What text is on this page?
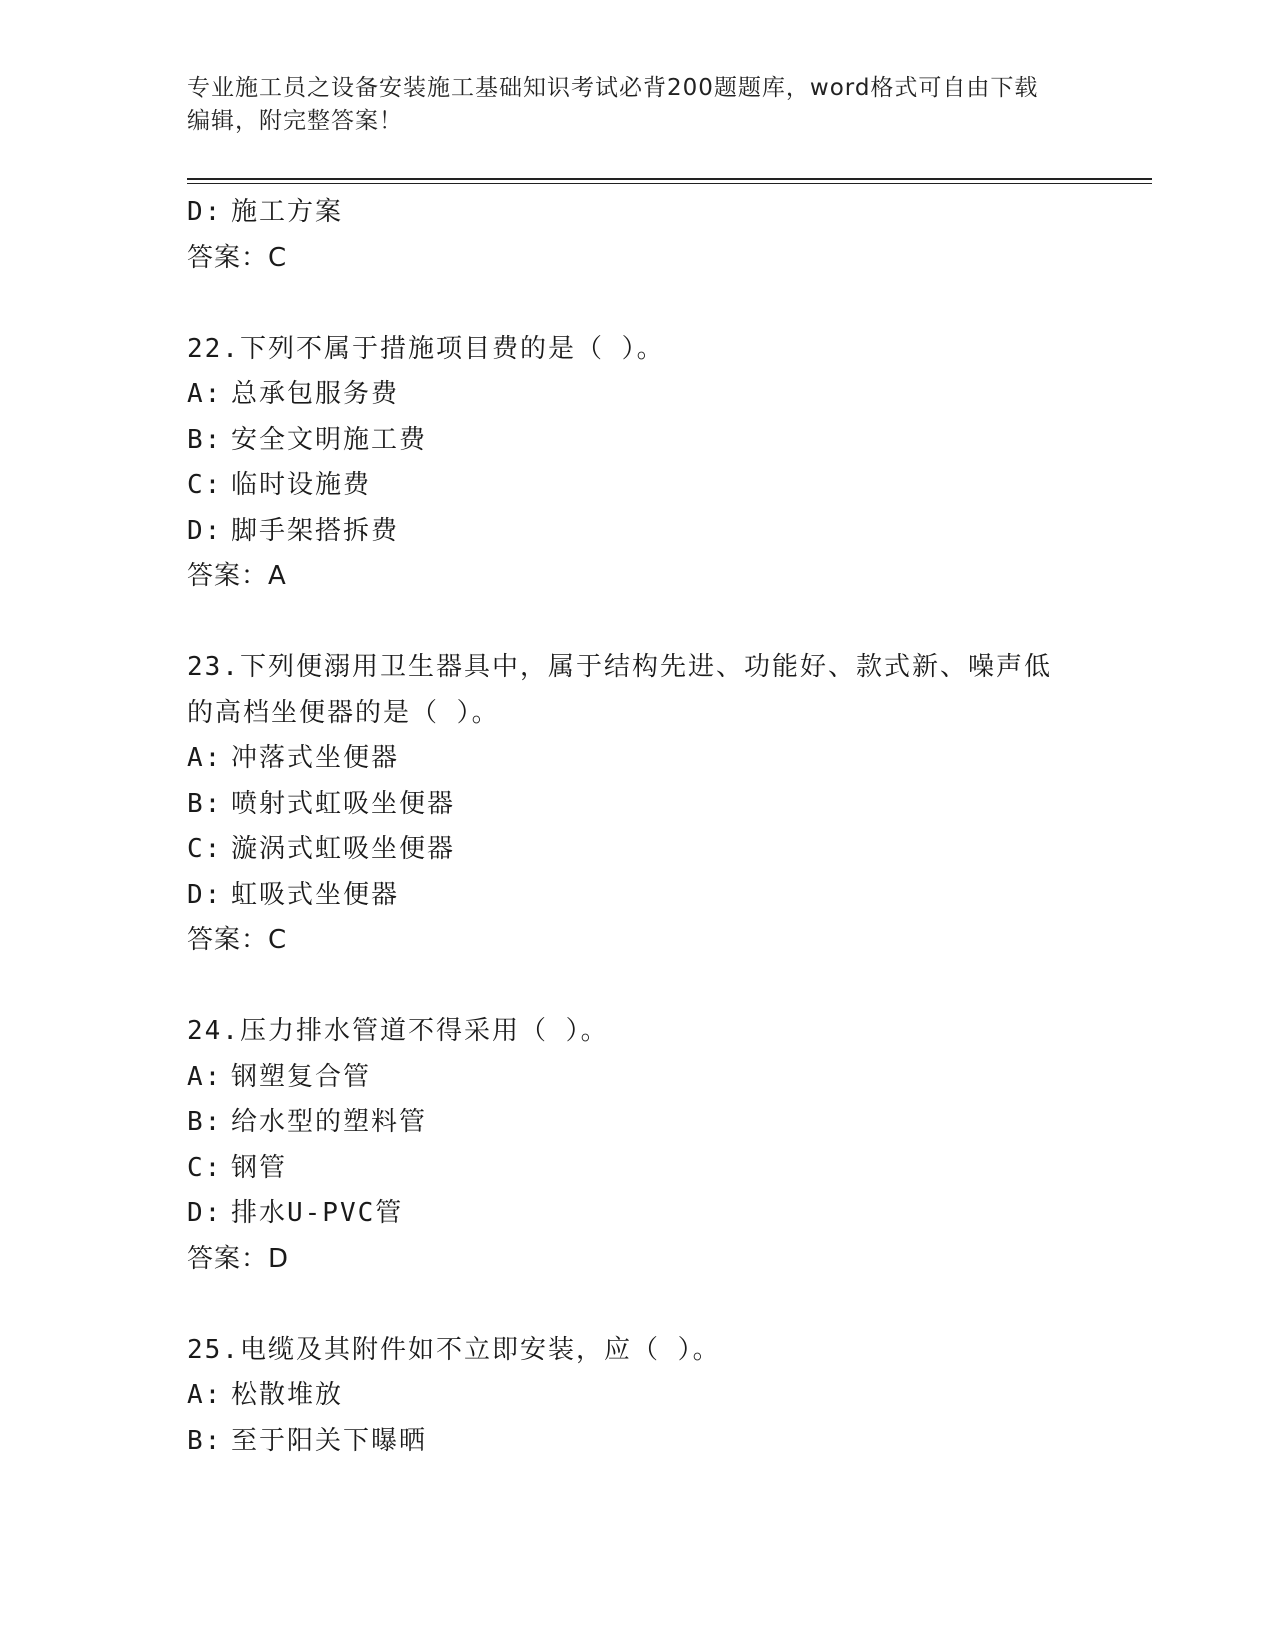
专业施工员之设备安装施工基础知识考试必背200题题库，word格式可自由下载
编辑，附完整答案！
D: 施工方案
答案：C
22.下列不属于措施项目费的是（ ）。
A: 总承包服务费
B: 安全文明施工费
C: 临时设施费
D: 脚手架搭拆费
答案：A
23.下列便溺用卫生器具中，属于结构先进、功能好、款式新、噪声低
的高档坐便器的是（ ）。
A: 冲落式坐便器
B: 喷射式虹吸坐便器
C: 漩涡式虹吸坐便器
D: 虹吸式坐便器
答案：C
24.压力排水管道不得采用（ ）。
A: 钢塑复合管
B: 给水型的塑料管
C: 钢管
D: 排水U-PVC管
答案：D
25.电缆及其附件如不立即安装，应（ ）。
A: 松散堆放
B: 至于阳关下曝晒
